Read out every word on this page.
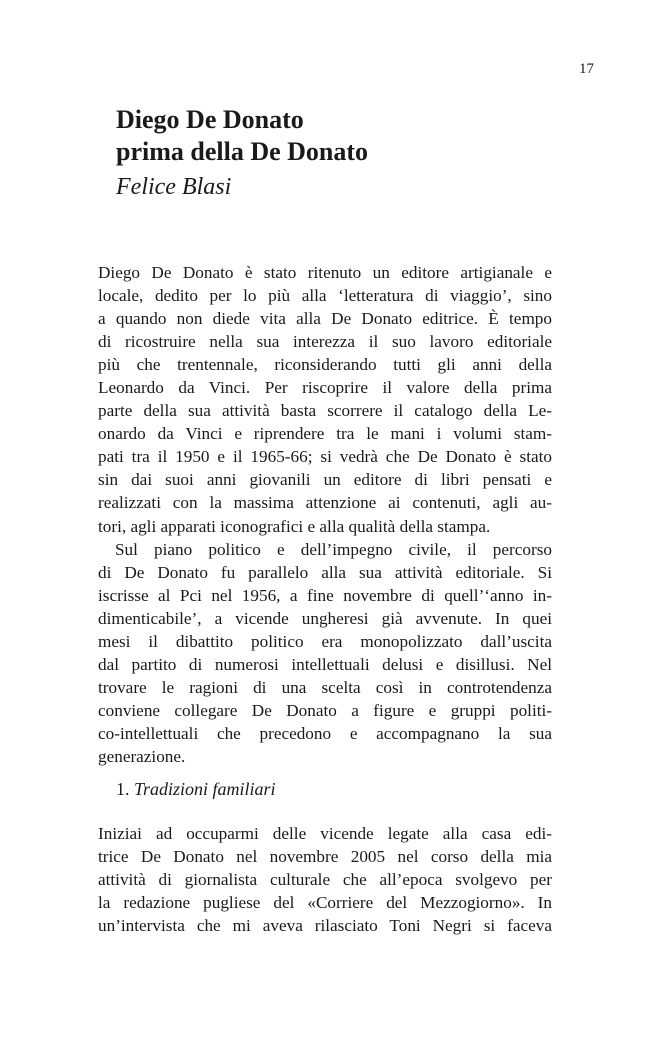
17
Diego De Donato
prima della De Donato
Felice Blasi
Diego De Donato è stato ritenuto un editore artigianale e
locale, dedito per lo più alla ‘letteratura di viaggio’, sino
a quando non diede vita alla De Donato editrice. È tempo
di ricostruire nella sua interezza il suo lavoro editoriale
più che trentennale, riconsiderando tutti gli anni della
Leonardo da Vinci. Per riscoprire il valore della prima
parte della sua attività basta scorrere il catalogo della Le-
onardo da Vinci e riprendere tra le mani i volumi stam-
pati tra il 1950 e il 1965-66; si vedrà che De Donato è stato
sin dai suoi anni giovanili un editore di libri pensati e
realizzati con la massima attenzione ai contenuti, agli au-
tori, agli apparati iconografici e alla qualità della stampa.
Sul piano politico e dell’impegno civile, il percorso
di De Donato fu parallelo alla sua attività editoriale. Si
iscrisse al Pci nel 1956, a fine novembre di quell’‘anno in-
dimenticabile’, a vicende ungheresi già avvenute. In quei
mesi il dibattito politico era monopolizzato dall’uscita
dal partito di numerosi intellettuali delusi e disillusi. Nel
trovare le ragioni di una scelta così in controtendenza
conviene collegare De Donato a figure e gruppi politi-
co-intellettuali che precedono e accompagnano la sua
generazione.
1. Tradizioni familiari
Iniziai ad occuparmi delle vicende legate alla casa edi-
trice De Donato nel novembre 2005 nel corso della mia
attività di giornalista culturale che all’epoca svolgevo per
la redazione pugliese del «Corriere del Mezzogiorno». In
un’intervista che mi aveva rilasciato Toni Negri si faceva
